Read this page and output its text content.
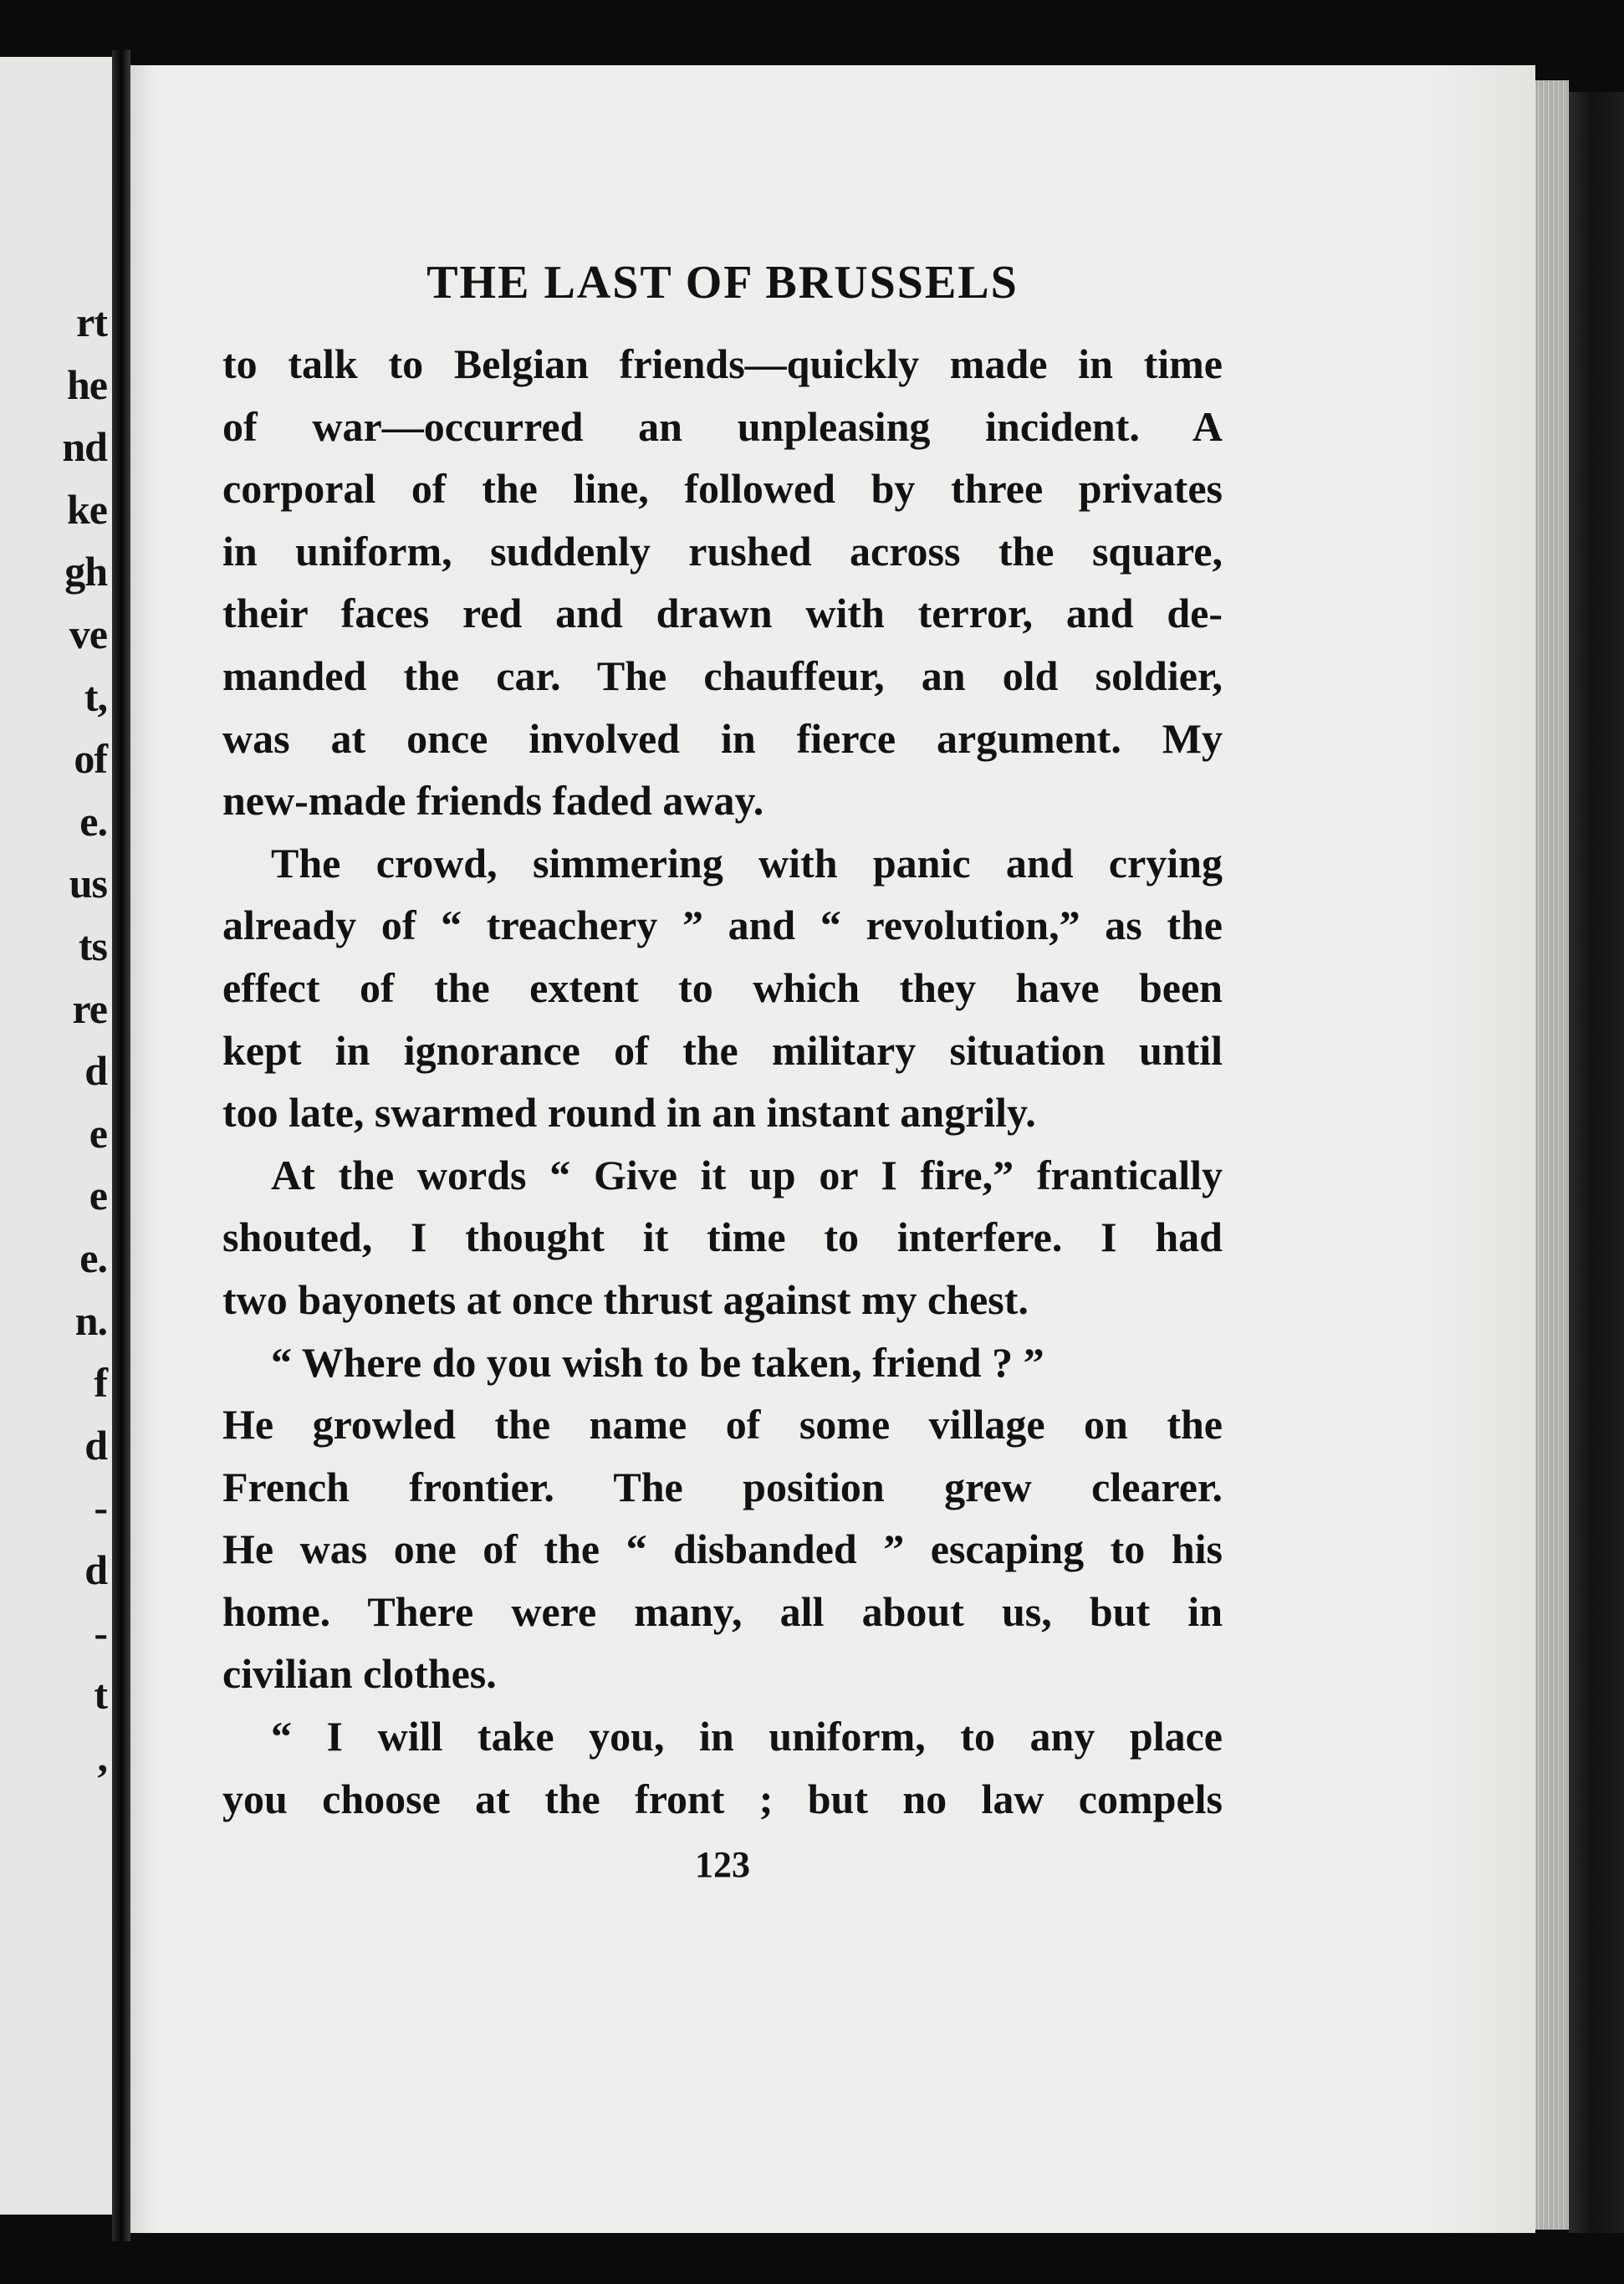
rt
he
nd
ke
gh
ve
t,
of
e.
us
ts
re
d
e
e
e.
n.
f
d
-
d
-
t
,
THE LAST OF BRUSSELS
to talk to Belgian friends—quickly made in time
of war—occurred an unpleasing incident. A
corporal of the line, followed by three privates
in uniform, suddenly rushed across the square,
their faces red and drawn with terror, and de-
manded the car. The chauffeur, an old soldier,
was at once involved in fierce argument. My
new-made friends faded away.
The crowd, simmering with panic and crying
already of “ treachery ” and “ revolution,” as the
effect of the extent to which they have been
kept in ignorance of the military situation until
too late, swarmed round in an instant angrily.
At the words “ Give it up or I fire,” frantically
shouted, I thought it time to interfere. I had
two bayonets at once thrust against my chest.
“ Where do you wish to be taken, friend ? ”
He growled the name of some village on the
French frontier. The position grew clearer.
He was one of the “ disbanded ” escaping to his
home. There were many, all about us, but in
civilian clothes.
“ I will take you, in uniform, to any place
you choose at the front ; but no law compels
123
